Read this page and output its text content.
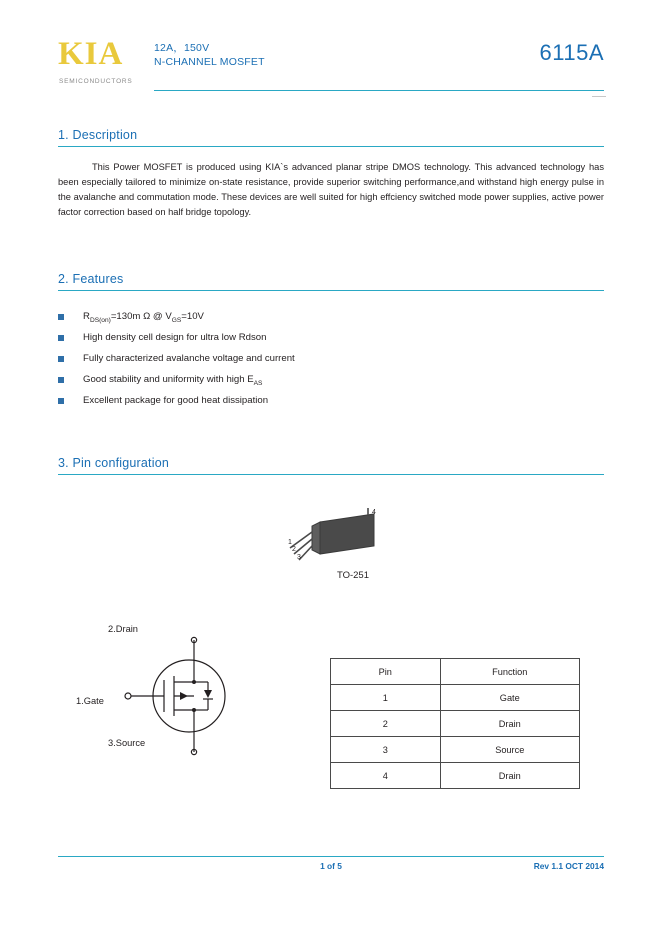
KIA
SEMICONDUCTORS
12A，150V
N-CHANNEL MOSFET	6115A
1. Description
This Power MOSFET is produced using KIA`s advanced planar stripe DMOS technology. This advanced technology has been especially tailored to minimize on-state resistance, provide superior switching performance,and withstand high energy pulse in the avalanche and commutation mode. These devices are well suited for high effciency switched mode power supplies, active power factor correction based on half bridge topology.
2. Features
$R_{DS(on)}=130m$ Ω @ $V_{GS}=10V$
High density cell design for ultra low Rdson
Fully characterized avalanche voltage and current
Good stability and uniformity with high $E_{AS}$
Excellent package for good heat dissipation
3. Pin configuration
1
2
3
4
TO-251
2.Drain
1.Gate
3.Source
Pin	Function
1	Gate
2	Drain
3	Source
4	Drain
1 of 5	Rev 1.1 OCT 2014
